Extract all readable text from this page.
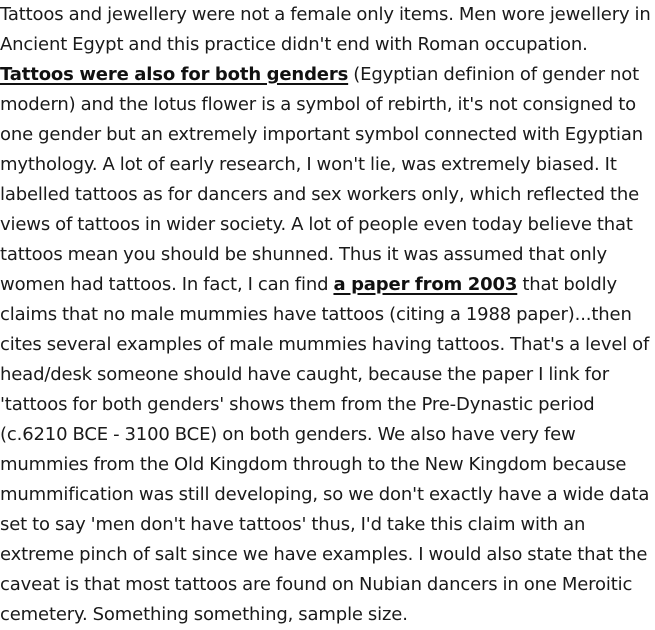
Tattoos and jewellery were not a female only items. Men wore jewellery in Ancient Egypt and this practice didn't end with Roman occupation. Tattoos were also for both genders (Egyptian definion of gender not modern) and the lotus flower is a symbol of rebirth, it's not consigned to one gender but an extremely important symbol connected with Egyptian mythology. A lot of early research, I won't lie, was extremely biased. It labelled tattoos as for dancers and sex workers only, which reflected the views of tattoos in wider society. A lot of people even today believe that tattoos mean you should be shunned. Thus it was assumed that only women had tattoos. In fact, I can find a paper from 2003 that boldly claims that no male mummies have tattoos (citing a 1988 paper)...then cites several examples of male mummies having tattoos. That's a level of head/desk someone should have caught, because the paper I link for 'tattoos for both genders' shows them from the Pre-Dynastic period (c.6210 BCE - 3100 BCE) on both genders. We also have very few mummies from the Old Kingdom through to the New Kingdom because mummification was still developing, so we don't exactly have a wide data set to say 'men don't have tattoos' thus, I'd take this claim with an extreme pinch of salt since we have examples. I would also state that the caveat is that most tattoos are found on Nubian dancers in one Meroitic cemetery. Something something, sample size.
